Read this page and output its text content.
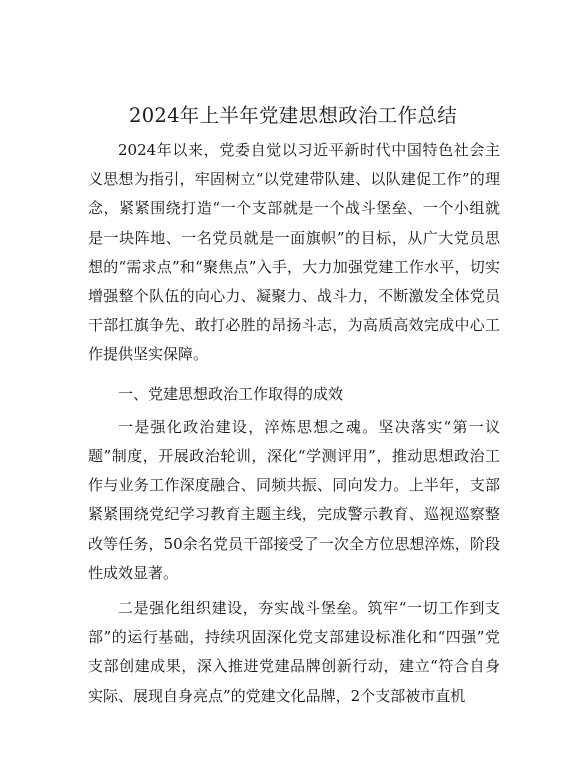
2024年上半年党建思想政治工作总结

2024年以来，党委自觉以习近平新时代中国特色社会主义思想为指引，牢固树立“以党建带队建、以队建促工作”的理念，紧紧围绕打造“一个支部就是一个战斗堡垒、一个小组就是一块阵地、一名党员就是一面旗帜”的目标，从广大党员思想的“需求点”和“聚焦点”入手，大力加强党建工作水平，切实增强整个队伍的向心力、凝聚力、战斗力，不断激发全体党员干部扛旗争先、敢打必胜的昂扬斗志，为高质高效完成中心工作提供坚实保障。

一、党建思想政治工作取得的成效

一是强化政治建设，淬炼思想之魂。坚决落实“第一议题”制度，开展政治轮训，深化“学测评用”，推动思想政治工作与业务工作深度融合、同频共振、同向发力。上半年，支部紧紧围绕党纪学习教育主题主线，完成警示教育、巡视巡察整改等任务，50余名党员干部接受了一次全方位思想淬炼，阶段性成效显著。

二是强化组织建设，夯实战斗堡垒。筑牢“一切工作到支部”的运行基础，持续巩固深化党支部建设标准化和“四强”党支部创建成果，深入推进党建品牌创新行动，建立“符合自身实际、展现自身亮点”的党建文化品牌，2个支部被市直机
